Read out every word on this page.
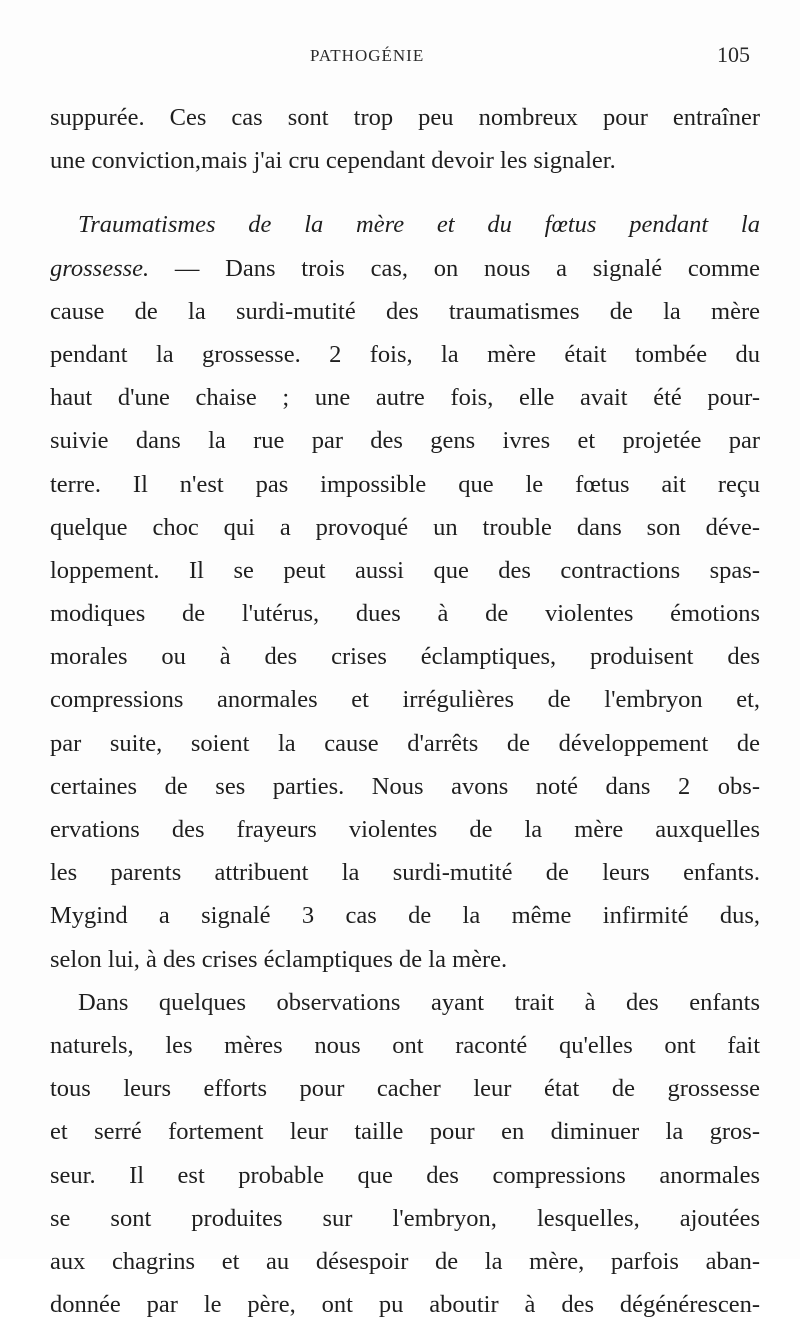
PATHOGÉNIE	105
suppurée. Ces cas sont trop peu nombreux pour entraîner
une conviction,mais j'ai cru cependant devoir les signaler.
Traumatismes de la mère et du fœtus pendant la
grossesse. — Dans trois cas, on nous a signalé comme
cause de la surdi-mutité des traumatismes de la mère
pendant la grossesse. 2 fois, la mère était tombée du
haut d'une chaise ; une autre fois, elle avait été pour-
suivie dans la rue par des gens ivres et projetée par
terre. Il n'est pas impossible que le fœtus ait reçu
quelque choc qui a provoqué un trouble dans son déve-
loppement. Il se peut aussi que des contractions spas-
modiques de l'utérus, dues à de violentes émotions
morales ou à des crises éclamptiques, produisent des
compressions anormales et irrégulières de l'embryon et,
par suite, soient la cause d'arrêts de développement de
certaines de ses parties. Nous avons noté dans 2 obs-
ervations des frayeurs violentes de la mère auxquelles
les parents attribuent la surdi-mutité de leurs enfants.
Mygind a signalé 3 cas de la même infirmité dus,
selon lui, à des crises éclamptiques de la mère.
Dans quelques observations ayant trait à des enfants
naturels, les mères nous ont raconté qu'elles ont fait
tous leurs efforts pour cacher leur état de grossesse
et serré fortement leur taille pour en diminuer la gros-
seur. Il est probable que des compressions anormales
se sont produites sur l'embryon, lesquelles, ajoutées
aux chagrins et au désespoir de la mère, parfois aban-
donnée par le père, ont pu aboutir à des dégénérescen-
